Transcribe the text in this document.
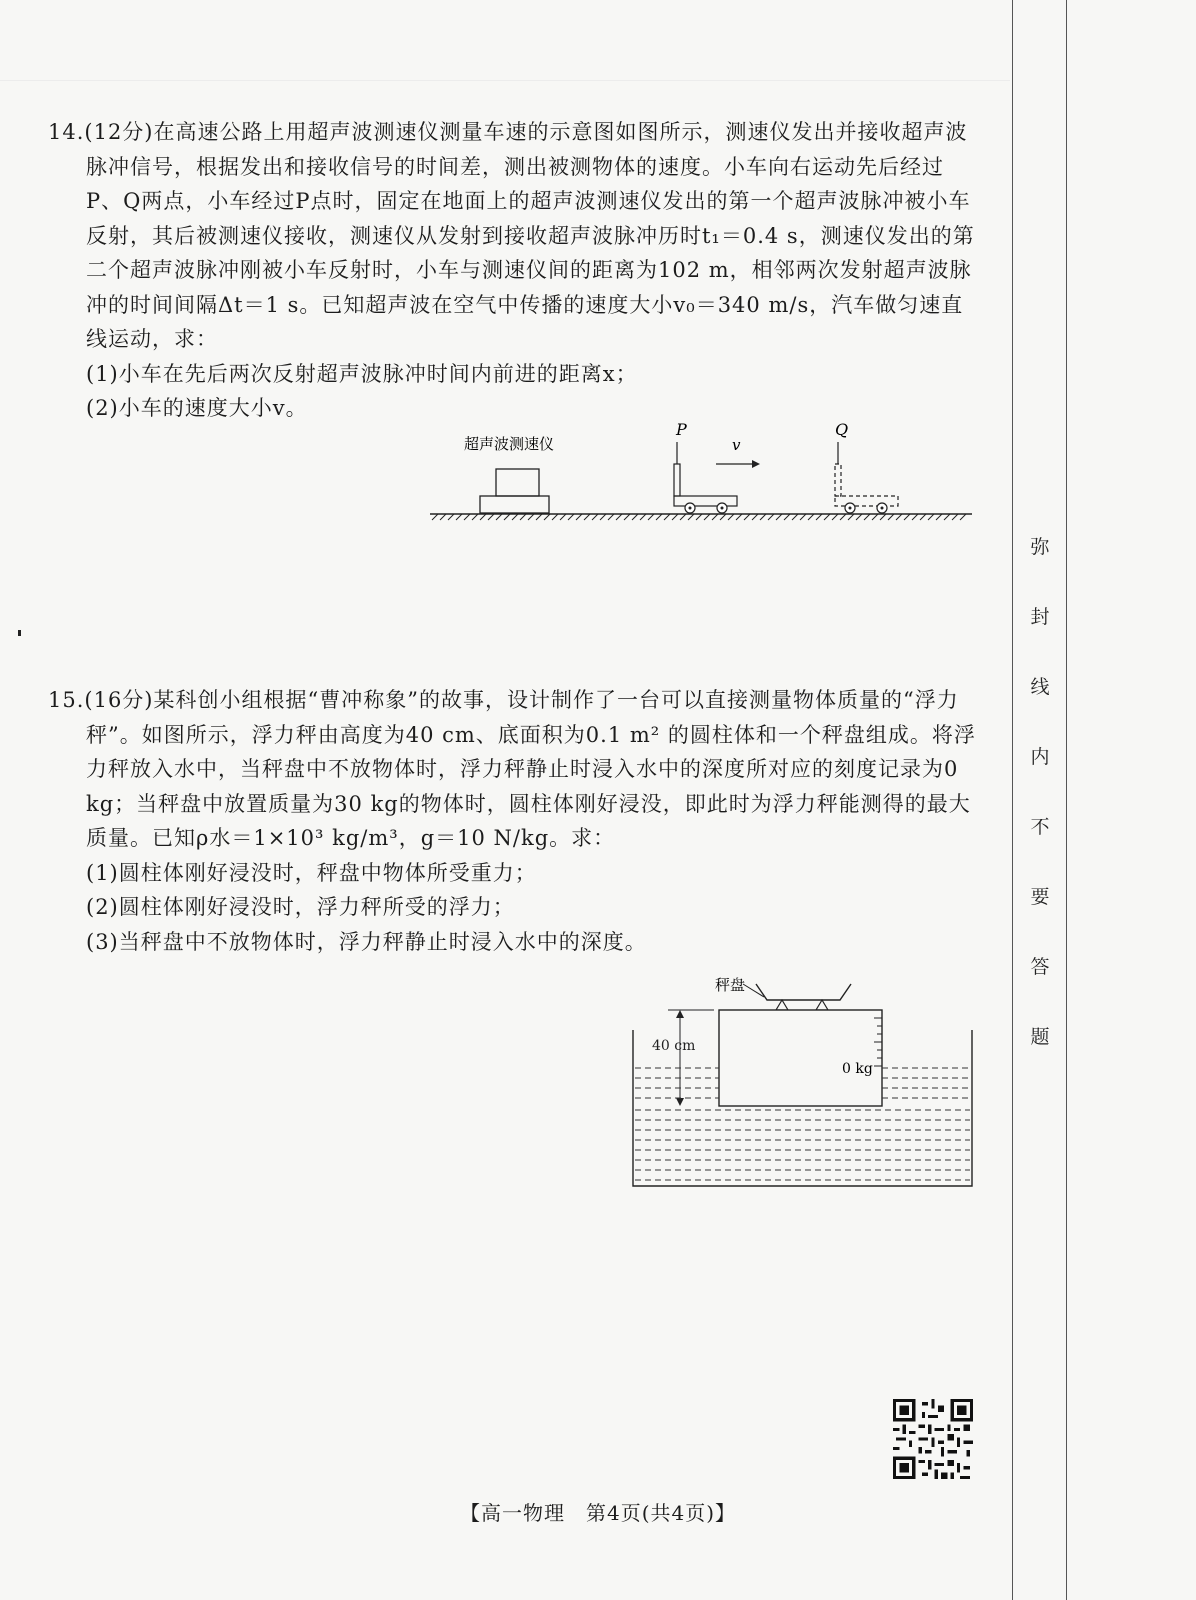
14.(12分)在高速公路上用超声波测速仪测量车速的示意图如图所示，测速仪发出并接收超声波脉冲信号，根据发出和接收信号的时间差，测出被测物体的速度。小车向右运动先后经过P、Q两点，小车经过P点时，固定在地面上的超声波测速仪发出的第一个超声波脉冲被小车反射，其后被测速仪接收，测速仪从发射到接收超声波脉冲历时t₁＝0.4 s，测速仪发出的第二个超声波脉冲刚被小车反射时，小车与测速仪间的距离为102 m，相邻两次发射超声波脉冲的时间间隔Δt＝1 s。已知超声波在空气中传播的速度大小v₀＝340 m/s，汽车做匀速直线运动，求：

(1)小车在先后两次反射超声波脉冲时间内前进的距离x；

(2)小车的速度大小v。

超声波测速仪
P	Q
v

15.(16分)某科创小组根据“曹冲称象”的故事，设计制作了一台可以直接测量物体质量的“浮力秤”。如图所示，浮力秤由高度为40 cm、底面积为0.1 m² 的圆柱体和一个秤盘组成。将浮力秤放入水中，当秤盘中不放物体时，浮力秤静止时浸入水中的深度所对应的刻度记录为0 kg；当秤盘中放置质量为30 kg的物体时，圆柱体刚好浸没，即此时为浮力秤能测得的最大质量。已知ρ水＝1×10³ kg/m³，g＝10 N/kg。求：

(1)圆柱体刚好浸没时，秤盘中物体所受重力；

(2)圆柱体刚好浸没时，浮力秤所受的浮力；

(3)当秤盘中不放物体时，浮力秤静止时浸入水中的深度。

秤盘
0 kg
40 cm
弥
封
线
内
不
要
答
题
【高一物理　第4页(共4页)】
